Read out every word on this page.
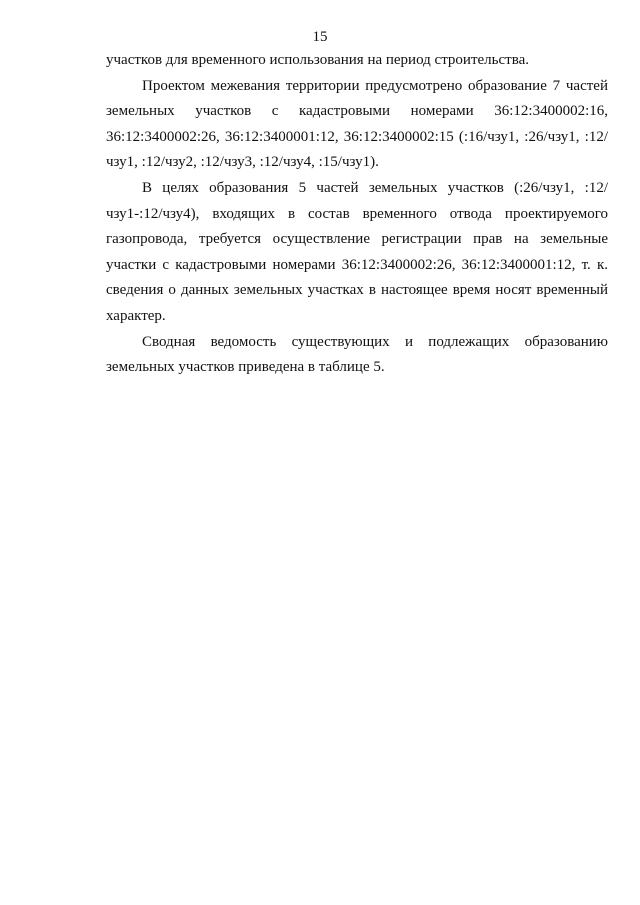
15

участков для временного использования на период строительства.

Проектом межевания территории предусмотрено образование 7 частей земельных участков с кадастровыми номерами 36:12:3400002:16, 36:12:3400002:26, 36:12:3400001:12, 36:12:3400002:15 (:16/чзу1, :26/чзу1, :12/чзу1, :12/чзу2, :12/чзу3, :12/чзу4, :15/чзу1).

В целях образования 5 частей земельных участков (:26/чзу1, :12/чзу1-:12/чзу4), входящих в состав временного отвода проектируемого газопровода, требуется осуществление регистрации прав на земельные участки с кадастровыми номерами 36:12:3400002:26, 36:12:3400001:12, т. к. сведения о данных земельных участках в настоящее время носят временный характер.

Сводная ведомость существующих и подлежащих образованию земельных участков приведена в таблице 5.
